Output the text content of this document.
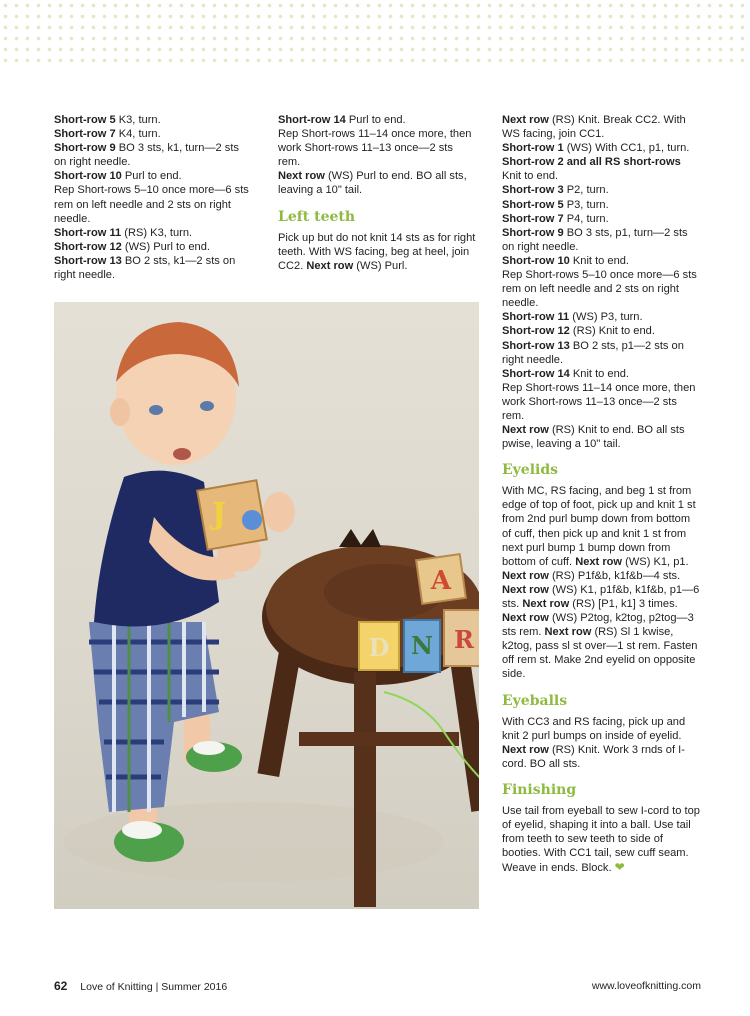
Short-row 5 K3, turn.

Short-row 7 K4, turn.

Short-row 9 BO 3 sts, k1, turn—2 sts on right needle.

Short-row 10 Purl to end.

Rep Short-rows 5–10 once more—6 sts rem on left needle and 2 sts on right needle.

Short-row 11 (RS) K3, turn.

Short-row 12 (WS) Purl to end.

Short-row 13 BO 2 sts, k1—2 sts on right needle.

Short-row 14 Purl to end.

Rep Short-rows 11–14 once more, then work Short-rows 11–13 once—2 sts rem.

Next row (WS) Purl to end. BO all sts, leaving a 10" tail.

Left teeth

Pick up but do not knit 14 sts as for right teeth. With WS facing, beg at heel, join CC2. Next row (WS) Purl.

Next row (RS) Knit. Break CC2. With WS facing, join CC1.

Short-row 1 (WS) With CC1, p1, turn.

Short-row 2 and all RS short-rows Knit to end.

Short-row 3 P2, turn.

Short-row 5 P3, turn.

Short-row 7 P4, turn.

Short-row 9 BO 3 sts, p1, turn—2 sts on right needle.

Short-row 10 Knit to end.

Rep Short-rows 5–10 once more—6 sts rem on left needle and 2 sts on right needle.

Short-row 11 (WS) P3, turn.

Short-row 12 (RS) Knit to end.

Short-row 13 BO 2 sts, p1—2 sts on right needle.

Short-row 14 Knit to end.

Rep Short-rows 11–14 once more, then work Short-rows 11–13 once—2 sts rem.

Next row (RS) Knit to end. BO all sts pwise, leaving a 10" tail.

Eyelids

With MC, RS facing, and beg 1 st from edge of top of foot, pick up and knit 1 st from 2nd purl bump down from bottom of cuff, then pick up and knit 1 st from next purl bump 1 bump down from bottom of cuff. Next row (WS) K1, p1. Next row (RS) P1f&b, k1f&b—4 sts. Next row (WS) K1, p1f&b, k1f&b, p1—6 sts. Next row (RS) [P1, k1] 3 times. Next row (WS) P2tog, k2tog, p2tog—3 sts rem. Next row (RS) Sl 1 kwise, k2tog, pass sl st over—1 st rem. Fasten off rem st. Make 2nd eyelid on opposite side.

Eyeballs

With CC3 and RS facing, pick up and knit 2 purl bumps on inside of eyelid. Next row (RS) Knit. Work 3 rnds of I-cord. BO all sts.

Finishing

Use tail from eyeball to sew I-cord to top of eyelid, shaping it into a ball. Use tail from teeth to sew teeth to side of booties. With CC1 tail, sew cuff seam. Weave in ends. Block. ❤

A
D N R
J
62 Love of Knitting | Summer 2016	www.loveofknitting.com
